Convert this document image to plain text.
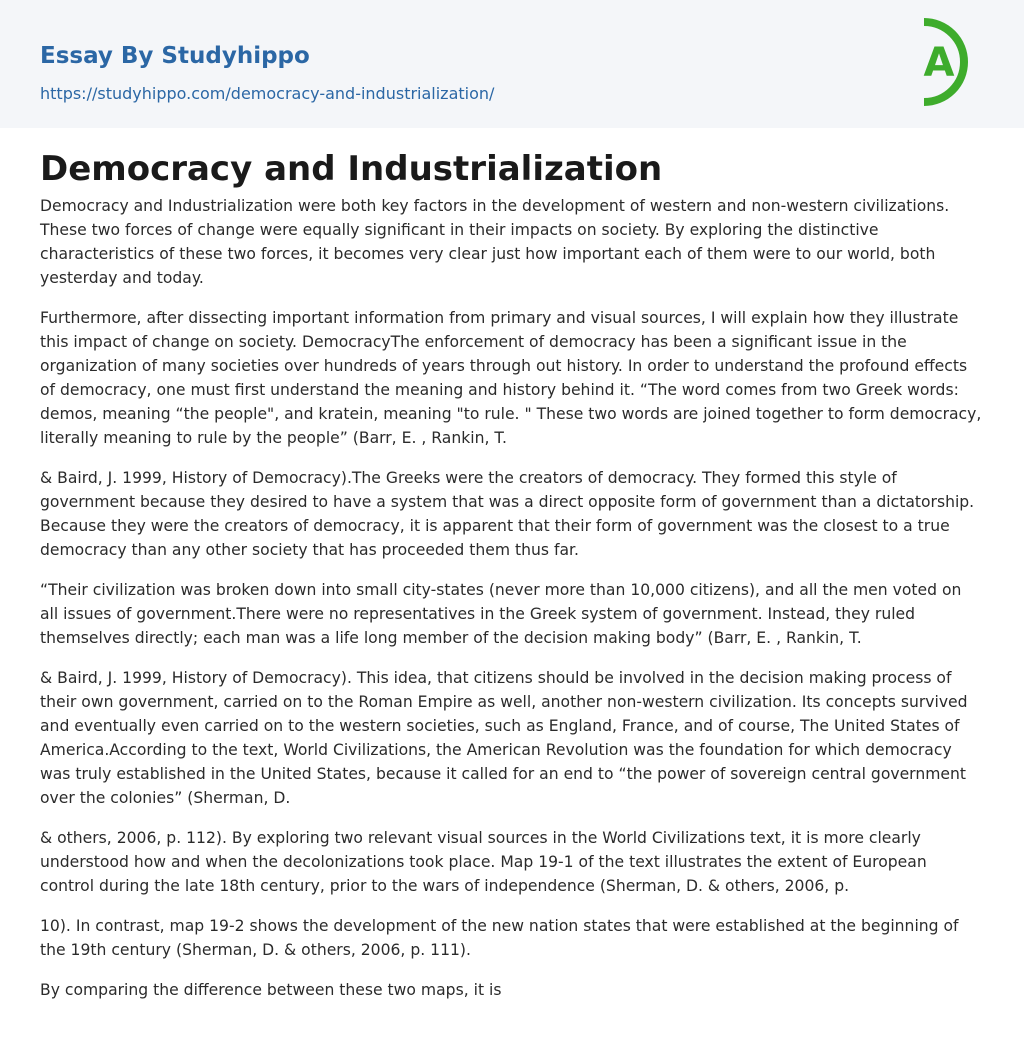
Essay By Studyhippo
https://studyhippo.com/democracy-and-industrialization/
A
Democracy and Industrialization

Democracy and Industrialization were both key factors in the development of western and non-western civilizations. These two forces of change were equally significant in their impacts on society. By exploring the distinctive characteristics of these two forces, it becomes very clear just how important each of them were to our world, both yesterday and today.

Furthermore, after dissecting important information from primary and visual sources, I will explain how they illustrate this impact of change on society. DemocracyThe enforcement of democracy has been a significant issue in the organization of many societies over hundreds of years through out history. In order to understand the profound effects of democracy, one must first understand the meaning and history behind it. “The word comes from two Greek words: demos, meaning “the people", and kratein, meaning "to rule. " These two words are joined together to form democracy, literally meaning to rule by the people” (Barr, E. , Rankin, T.

& Baird, J. 1999, History of Democracy).The Greeks were the creators of democracy. They formed this style of government because they desired to have a system that was a direct opposite form of government than a dictatorship. Because they were the creators of democracy, it is apparent that their form of government was the closest to a true democracy than any other society that has proceeded them thus far.

“Their civilization was broken down into small city-states (never more than 10,000 citizens), and all the men voted on all issues of government.There were no representatives in the Greek system of government. Instead, they ruled themselves directly; each man was a life long member of the decision making body” (Barr, E. , Rankin, T.

& Baird, J. 1999, History of Democracy). This idea, that citizens should be involved in the decision making process of their own government, carried on to the Roman Empire as well, another non-western civilization. Its concepts survived and eventually even carried on to the western societies, such as England, France, and of course, The United States of America.According to the text, World Civilizations, the American Revolution was the foundation for which democracy was truly established in the United States, because it called for an end to “the power of sovereign central government over the colonies” (Sherman, D.

& others, 2006, p. 112). By exploring two relevant visual sources in the World Civilizations text, it is more clearly understood how and when the decolonizations took place. Map 19-1 of the text illustrates the extent of European control during the late 18th century, prior to the wars of independence (Sherman, D. & others, 2006, p.

10). In contrast, map 19-2 shows the development of the new nation states that were established at the beginning of the 19th century (Sherman, D. & others, 2006, p. 111).

By comparing the difference between these two maps, it is
